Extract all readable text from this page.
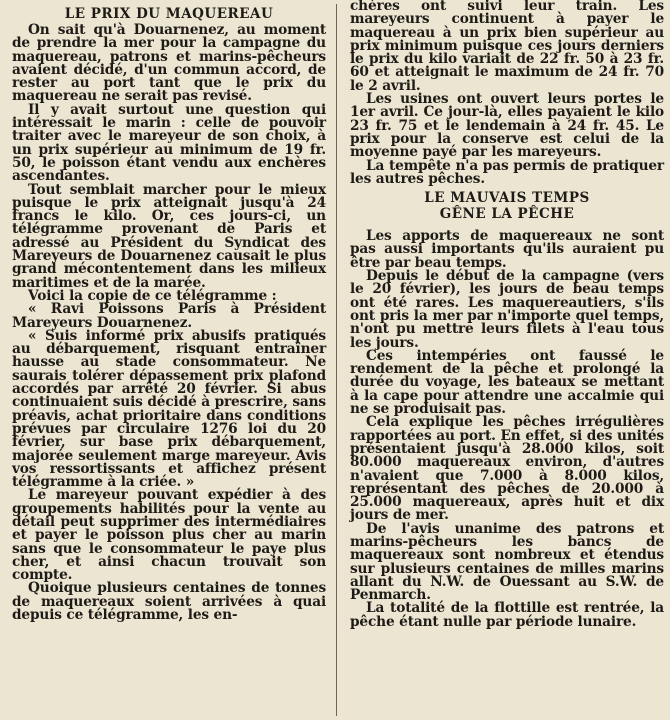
LE PRIX DU MAQUEREAU

On sait qu'à Douarnenez, au moment de prendre la mer pour la campagne du maquereau, patrons et marins-pêcheurs avaient décidé, d'un commun accord, de rester au port tant que le prix du maquereau ne serait pas revisé.

Il y avait surtout une question qui intéressait le marin : celle de pouvoir traiter avec le mareyeur de son choix, à un prix supérieur au minimum de 19 fr. 50, le poisson étant vendu aux enchères ascendantes.

Tout semblait marcher pour le mieux puisque le prix atteignait jusqu'à 24 francs le kilo. Or, ces jours-ci, un télégramme provenant de Paris et adressé au Président du Syndicat des Mareyeurs de Douarnenez causait le plus grand mécontentement dans les milieux maritimes et de la marée.

Voici la copie de ce télégramme :

« Ravi Poissons Paris à Président Mareyeurs Douarnenez.

« Suis informé prix abusifs pratiqués au débarquement, risquant entraîner hausse au stade consommateur. Ne saurais tolérer dépassement prix plafond accordés par arrêté 20 février. Si abus continuaient suis décidé à prescrire, sans préavis, achat prioritaire dans conditions prévues par circulaire 1276 loi du 20 février, sur base prix débarquement, majorée seulement marge mareyeur. Avis vos ressortissants et affichez présent télégramme à la criée. »

Le mareyeur pouvant expédier à des groupements habilités pour la vente au détail peut supprimer des intermédiaires et payer le poisson plus cher au marin sans que le consommateur le paye plus cher, et ainsi chacun trouvait son compte.

Quoique plusieurs centaines de tonnes de maquereaux soient arrivées à quai depuis ce télégramme, les en-

chères ont suivi leur train. Les mareyeurs continuent à payer le maquereau à un prix bien supérieur au prix minimum puisque ces jours derniers le prix du kilo variait de 22 fr. 50 à 23 fr. 60 et atteignait le maximum de 24 fr. 70 le 2 avril.

Les usines ont ouvert leurs portes le 1er avril. Ce jour-là, elles payaient le kilo 23 fr. 75 et le lendemain à 24 fr. 45. Le prix pour la conserve est celui de la moyenne payé par les mareyeurs.

La tempête n'a pas permis de pratiquer les autres pêches.

LE MAUVAIS TEMPS
GÊNE LA PÊCHE

Les apports de maquereaux ne sont pas aussi importants qu'ils auraient pu être par beau temps.

Depuis le début de la campagne (vers le 20 février), les jours de beau temps ont été rares. Les maquereautiers, s'ils ont pris la mer par n'importe quel temps, n'ont pu mettre leurs filets à l'eau tous les jours.

Ces intempéries ont faussé le rendement de la pêche et prolongé la durée du voyage, les bateaux se mettant à la cape pour attendre une accalmie qui ne se produisait pas.

Cela explique les pêches irrégulières rapportées au port. En effet, si des unités présentaient jusqu'à 28.000 kilos, soit 80.000 maquereaux environ, d'autres n'avaient que 7.000 à 8.000 kilos, représentant des pêches de 20.000 à 25.000 maquereaux, après huit et dix jours de mer.

De l'avis unanime des patrons et marins-pêcheurs les bancs de maquereaux sont nombreux et étendus sur plusieurs centaines de milles marins allant du N.W. de Ouessant au S.W. de Penmarch.

La totalité de la flottille est rentrée, la pêche étant nulle par période lunaire.
